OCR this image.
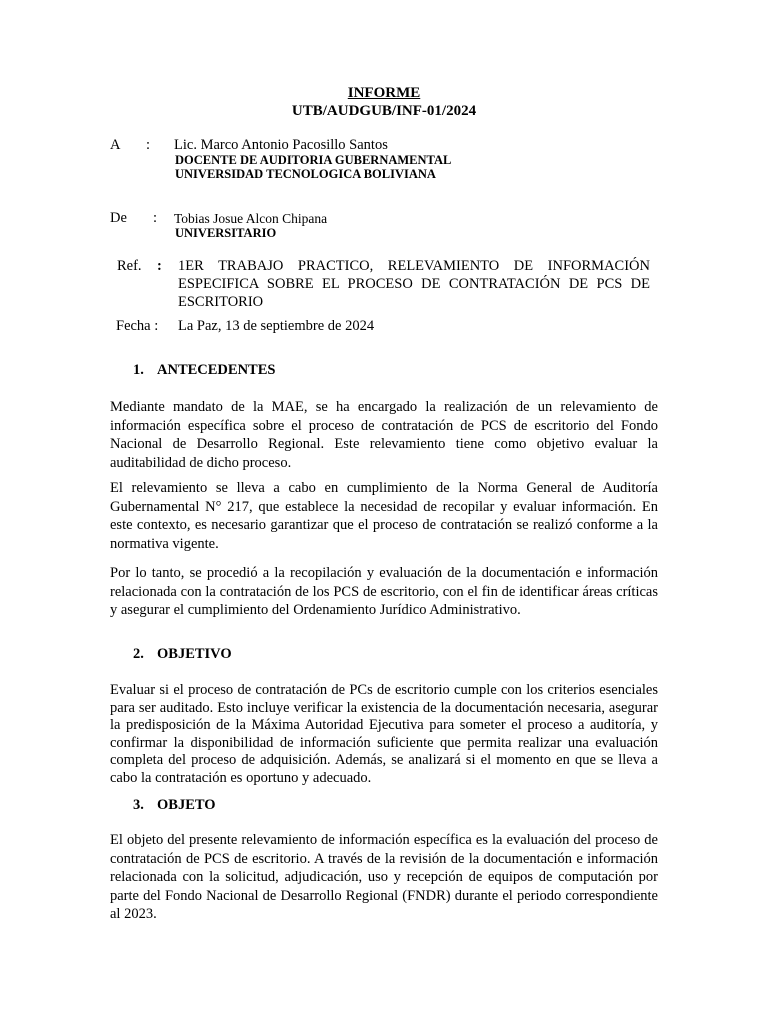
INFORME
UTB/AUDGUB/INF-01/2024
A : Lic. Marco Antonio Pacosillo Santos
DOCENTE DE AUDITORIA GUBERNAMENTAL
UNIVERSIDAD TECNOLOGICA BOLIVIANA
De : Tobias Josue Alcon Chipana
UNIVERSITARIO
Ref. : 1ER TRABAJO PRACTICO, RELEVAMIENTO DE INFORMACIÓN ESPECIFICA SOBRE EL PROCESO DE CONTRATACIÓN DE PCS DE ESCRITORIO
Fecha : La Paz, 13 de septiembre de 2024
1. ANTECEDENTES
Mediante mandato de la MAE, se ha encargado la realización de un relevamiento de información específica sobre el proceso de contratación de PCS de escritorio del Fondo Nacional de Desarrollo Regional. Este relevamiento tiene como objetivo evaluar la auditabilidad de dicho proceso.
El relevamiento se lleva a cabo en cumplimiento de la Norma General de Auditoría Gubernamental N° 217, que establece la necesidad de recopilar y evaluar información. En este contexto, es necesario garantizar que el proceso de contratación se realizó conforme a la normativa vigente.
Por lo tanto, se procedió a la recopilación y evaluación de la documentación e información relacionada con la contratación de los PCS de escritorio, con el fin de identificar áreas críticas y asegurar el cumplimiento del Ordenamiento Jurídico Administrativo.
2. OBJETIVO
Evaluar si el proceso de contratación de PCs de escritorio cumple con los criterios esenciales para ser auditado. Esto incluye verificar la existencia de la documentación necesaria, asegurar la predisposición de la Máxima Autoridad Ejecutiva para someter el proceso a auditoría, y confirmar la disponibilidad de información suficiente que permita realizar una evaluación completa del proceso de adquisición. Además, se analizará si el momento en que se lleva a cabo la contratación es oportuno y adecuado.
3. OBJETO
El objeto del presente relevamiento de información específica es la evaluación del proceso de contratación de PCS de escritorio. A través de la revisión de la documentación e información relacionada con la solicitud, adjudicación, uso y recepción de equipos de computación por parte del Fondo Nacional de Desarrollo Regional (FNDR) durante el periodo correspondiente al 2023.
